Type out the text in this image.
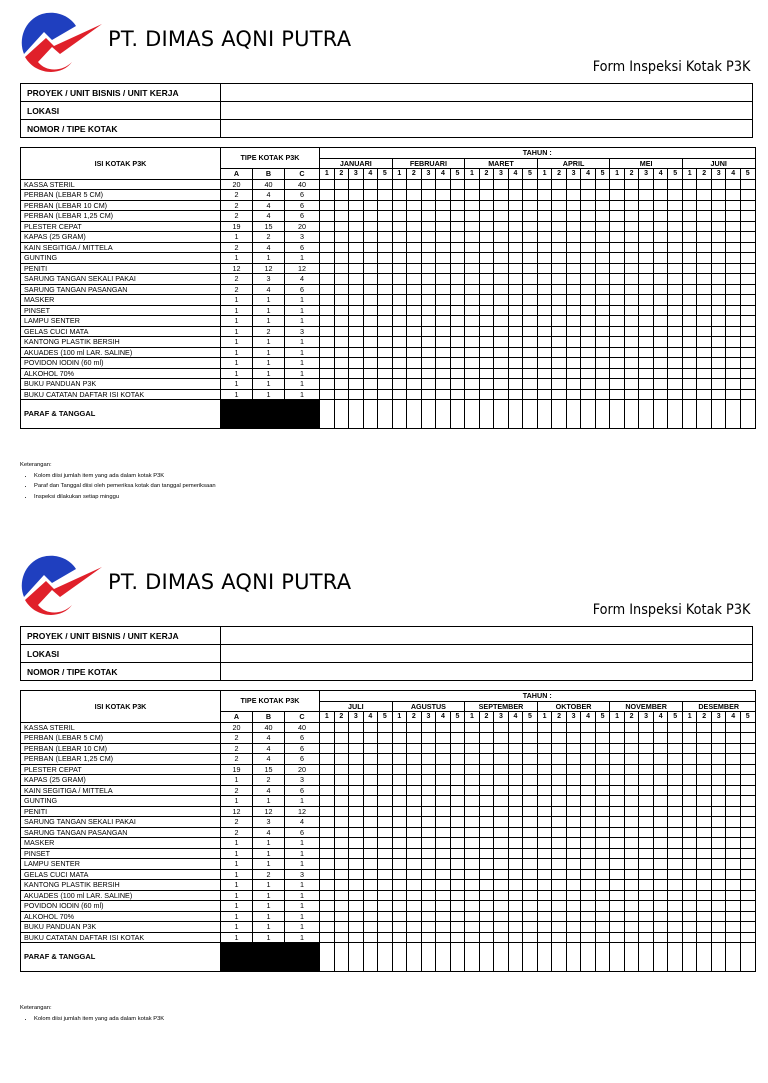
PT. DIMAS AQNI PUTRA
Form Inspeksi Kotak P3K
PROYEK / UNIT BISNIS / UNIT KERJA	
LOKASI	
NOMOR / TIPE KOTAK	
ISI KOTAK P3K	TIPE KOTAK P3K			TAHUN :																													
				JANUARI					FEBRUARI					MARET					APRIL					MEI					JUNI				
	A	B	C	1	2	3	4	5	1	2	3	4	5	1	2	3	4	5	1	2	3	4	5	1	2	3	4	5	1	2	3	4	5
KASSA STERIL	20	40	40																														
PERBAN (LEBAR 5 CM)	2	4	6																														
PERBAN (LEBAR 10 CM)	2	4	6																														
PERBAN (LEBAR 1,25 CM)	2	4	6																														
PLESTER CEPAT	19	15	20																														
KAPAS (25 GRAM)	1	2	3																														
KAIN SEGITIGA / MITTELA	2	4	6																														
GUNTING	1	1	1																														
PENITI	12	12	12																														
SARUNG TANGAN SEKALI PAKAI	2	3	4																														
SARUNG TANGAN PASANGAN	2	4	6																														
MASKER	1	1	1																														
PINSET	1	1	1																														
LAMPU SENTER	1	1	1																														
GELAS CUCI MATA	1	2	3																														
KANTONG PLASTIK BERSIH	1	1	1																														
AKUADES (100 ml LAR. SALINE)	1	1	1																														
POVIDON IODIN (60 ml)	1	1	1																														
ALKOHOL 70%	1	1	1																														
BUKU PANDUAN P3K	1	1	1																														
BUKU CATATAN DAFTAR ISI KOTAK	1	1	1																														
PARAF & TANGGAL																																	
Keterangan:
• Kolom diisi jumlah item yang ada dalam kotak P3K
• Paraf dan Tanggal diisi oleh pemeriksa kotak dan tanggal pemeriksaan
• Inspeksi dilakukan setiap minggu
PT. DIMAS AQNI PUTRA
Form Inspeksi Kotak P3K
PROYEK / UNIT BISNIS / UNIT KERJA	
LOKASI	
NOMOR / TIPE KOTAK	
ISI KOTAK P3K	TIPE KOTAK P3K			TAHUN :																													
				JULI					AGUSTUS					SEPTEMBER					OKTOBER					NOVEMBER					DESEMBER				
	A	B	C	1	2	3	4	5	1	2	3	4	5	1	2	3	4	5	1	2	3	4	5	1	2	3	4	5	1	2	3	4	5
KASSA STERIL	20	40	40																														
PERBAN (LEBAR 5 CM)	2	4	6																														
PERBAN (LEBAR 10 CM)	2	4	6																														
PERBAN (LEBAR 1,25 CM)	2	4	6																														
PLESTER CEPAT	19	15	20																														
KAPAS (25 GRAM)	1	2	3																														
KAIN SEGITIGA / MITTELA	2	4	6																														
GUNTING	1	1	1																														
PENITI	12	12	12																														
SARUNG TANGAN SEKALI PAKAI	2	3	4																														
SARUNG TANGAN PASANGAN	2	4	6																														
MASKER	1	1	1																														
PINSET	1	1	1																														
LAMPU SENTER	1	1	1																														
GELAS CUCI MATA	1	2	3																														
KANTONG PLASTIK BERSIH	1	1	1																														
AKUADES (100 ml LAR. SALINE)	1	1	1																														
POVIDON IODIN (60 ml)	1	1	1																														
ALKOHOL 70%	1	1	1																														
BUKU PANDUAN P3K	1	1	1																														
BUKU CATATAN DAFTAR ISI KOTAK	1	1	1																														
PARAF & TANGGAL																																	
Keterangan:
• Kolom diisi jumlah item yang ada dalam kotak P3K
